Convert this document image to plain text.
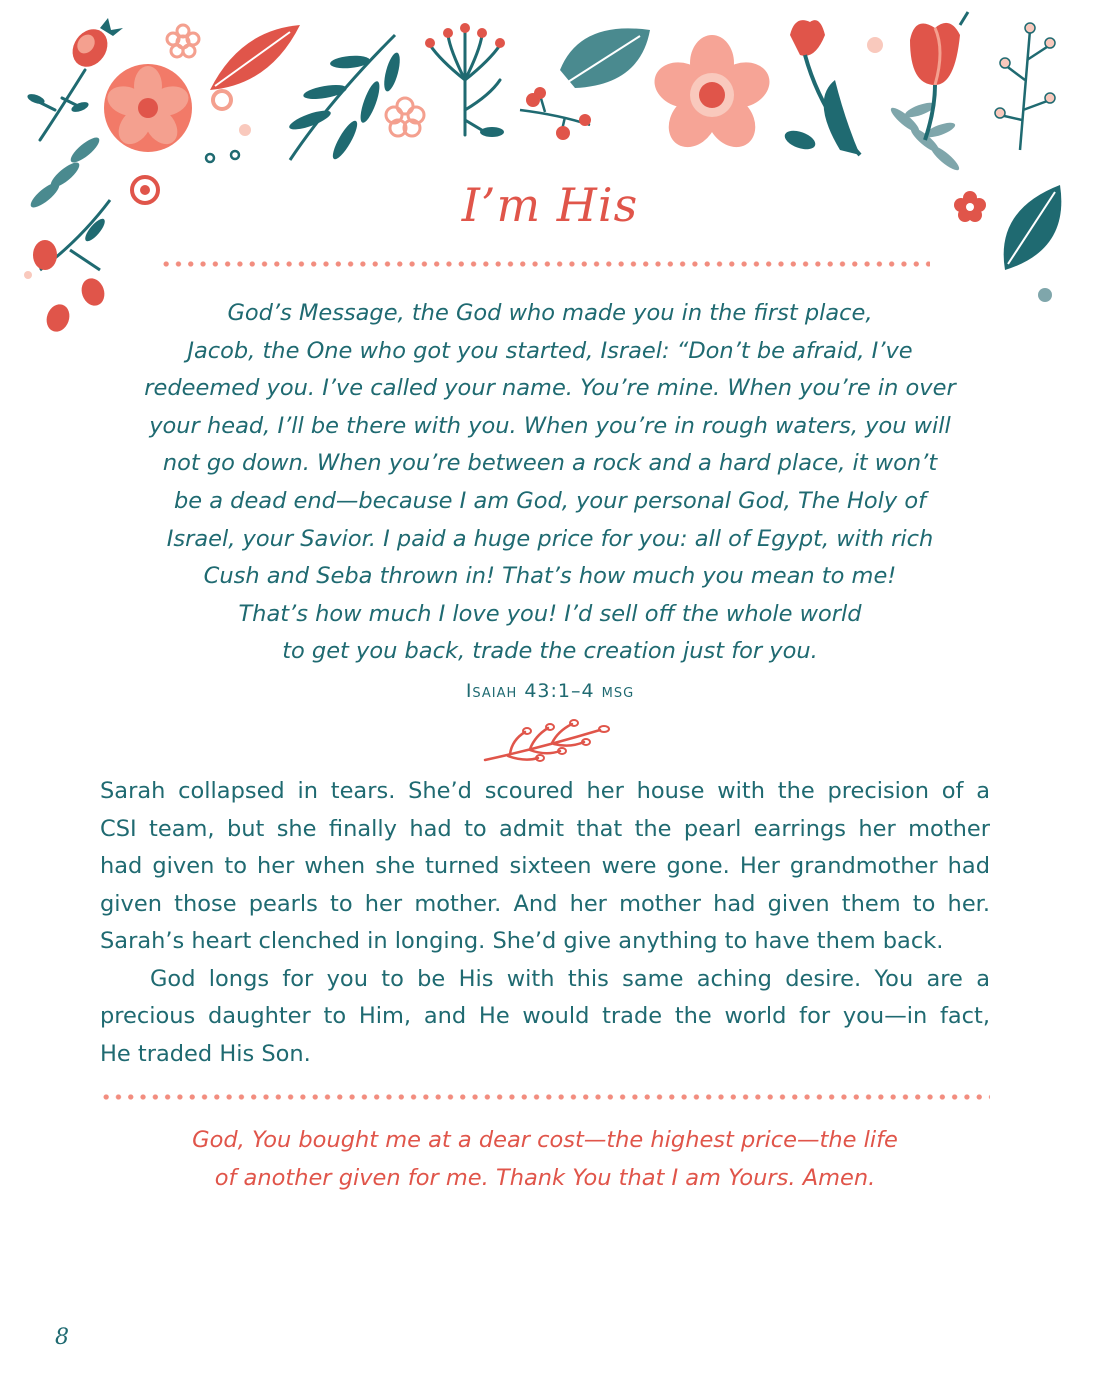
I’m His

God’s Message, the God who made you in the first place,
Jacob, the One who got you started, Israel: “Don’t be afraid, I’ve
redeemed you. I’ve called your name. You’re mine. When you’re in over
your head, I’ll be there with you. When you’re in rough waters, you will
not go down. When you’re between a rock and a hard place, it won’t
be a dead end—because I am God, your personal God, The Holy of
Israel, your Savior. I paid a huge price for you: all of Egypt, with rich
Cush and Seba thrown in! That’s how much you mean to me!
That’s how much I love you! I’d sell off the whole world
to get you back, trade the creation just for you.

Isaiah 43:1–4 msg

Sarah collapsed in tears. She’d scoured her house with the precision of a
CSI team, but she finally had to admit that the pearl earrings her mother
had given to her when she turned sixteen were gone. Her grandmother had
given those pearls to her mother. And her mother had given them to her.
Sarah’s heart clenched in longing. She’d give anything to have them back.
God longs for you to be His with this same aching desire. You are a
precious daughter to Him, and He would trade the world for you—in fact,
He traded His Son.

God, You bought me at a dear cost—the highest price—the life
of another given for me. Thank You that I am Yours. Amen.

8
